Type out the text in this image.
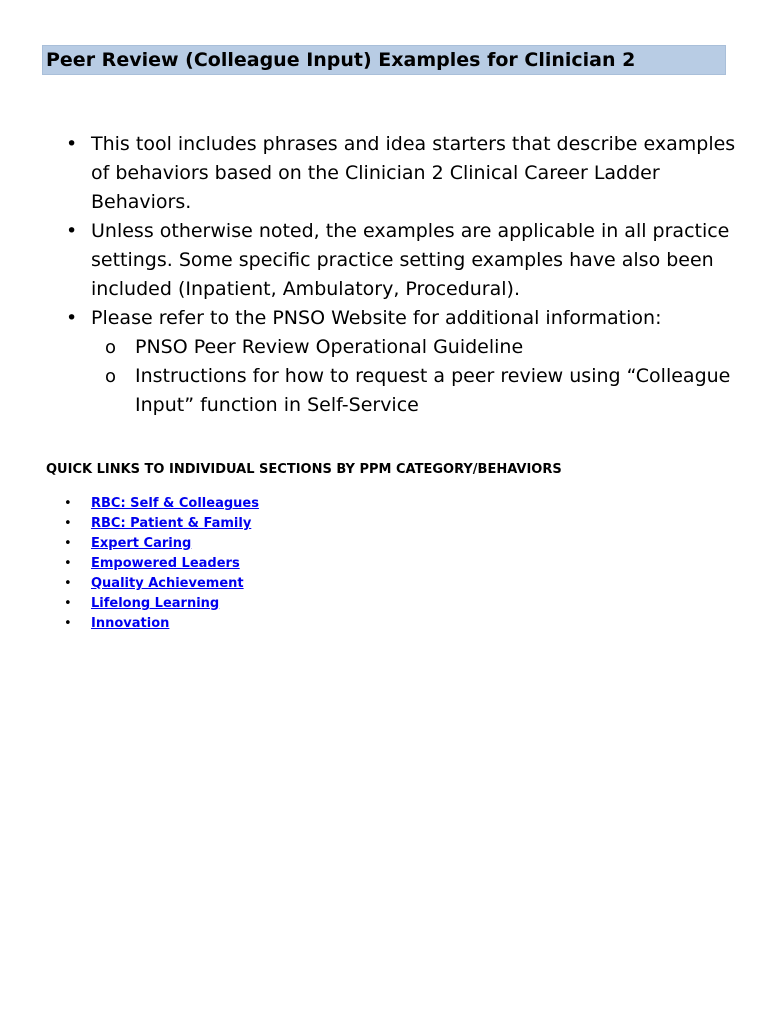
Peer Review (Colleague Input) Examples for Clinician 2
• This tool includes phrases and idea starters that describe examples of behaviors based on the Clinician 2 Clinical Career Ladder Behaviors.
• Unless otherwise noted, the examples are applicable in all practice settings. Some specific practice setting examples have also been included (Inpatient, Ambulatory, Procedural).
• Please refer to the PNSO Website for additional information:
o PNSO Peer Review Operational Guideline
o Instructions for how to request a peer review using “Colleague Input” function in Self-Service
QUICK LINKS TO INDIVIDUAL SECTIONS BY PPM CATEGORY/BEHAVIORS
• RBC: Self & Colleagues
• RBC: Patient & Family
• Expert Caring
• Empowered Leaders
• Quality Achievement
• Lifelong Learning
• Innovation
